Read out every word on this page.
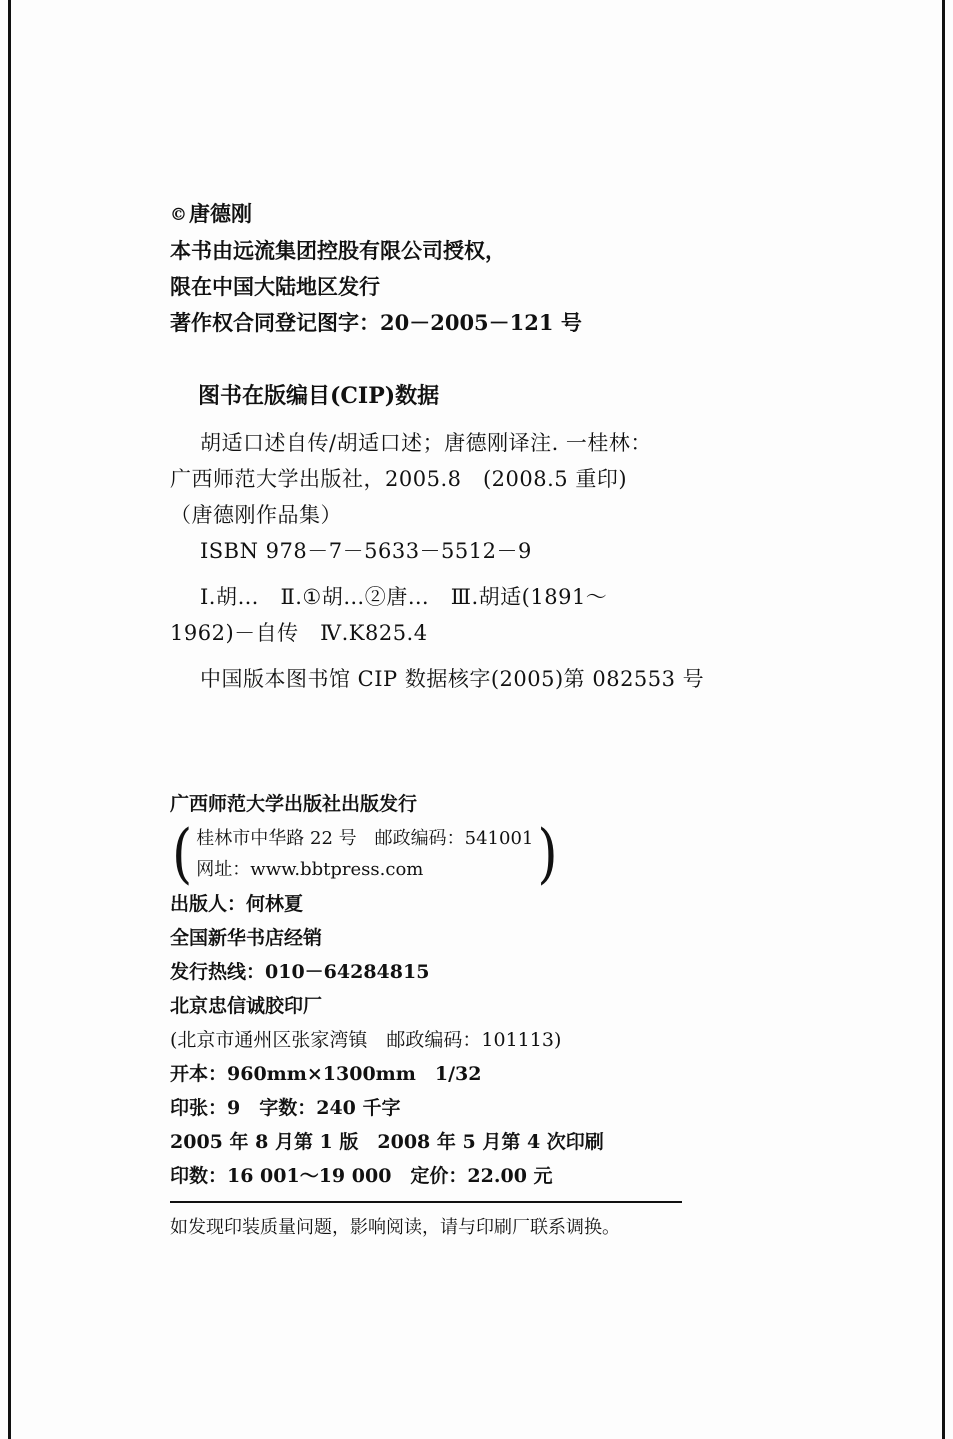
©唐德刚
本书由远流集团控股有限公司授权，
限在中国大陆地区发行
著作权合同登记图字：20－2005－121 号
图书在版编目(CIP)数据
胡适口述自传/胡适口述；唐德刚译注. 一桂林：
广西师范大学出版社，2005.8　(2008.5 重印)
（唐德刚作品集）
ISBN 978－7－5633－5512－9
Ⅰ.胡…　Ⅱ.①胡…②唐…　Ⅲ.胡适(1891～
1962)－自传　Ⅳ.K825.4
中国版本图书馆 CIP 数据核字(2005)第 082553 号
广西师范大学出版社出版发行
( 桂林市中华路 22 号　邮政编码：541001
网址：www.bbtpress.com	)
出版人：何林夏
全国新华书店经销
发行热线：010－64284815
北京忠信诚胶印厂
(北京市通州区张家湾镇　邮政编码：101113)
开本：960mm×1300mm　1/32
印张：9　字数：240 千字
2005 年 8 月第 1 版　2008 年 5 月第 4 次印刷
印数：16 001～19 000　定价：22.00 元
如发现印装质量问题，影响阅读，请与印刷厂联系调换。
